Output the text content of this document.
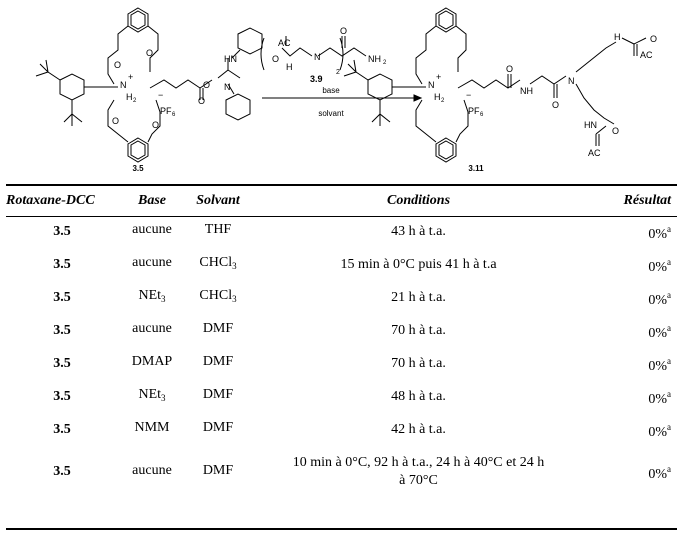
O
O
HN
N
N
H 2
+
−
PF 6
O
O
O	O
AC
O
H
N
O
NH 2
2
3.9
base
solvant
N
H 2
+
−
PF 6
O
NH
O
N
H
AC
O
HN
O
AC
3.5	3.11
Rotaxane-DCC	Base	Solvant	Conditions	Résultat
3.5	aucune	THF	43 h à t.a.	0%$^a$
3.5	aucune	CHCl$_3$	15 min à 0°C puis 41 h à t.a	0%$^a$
3.5	NEt$_3$	CHCl$_3$	21 h à t.a.	0%$^a$
3.5	aucune	DMF	70 h à t.a.	0%$^a$
3.5	DMAP	DMF	70 h à t.a.	0%$^a$
3.5	NEt$_3$	DMF	48 h à t.a.	0%$^a$
3.5	NMM	DMF	42 h à t.a.	0%$^a$
3.5	aucune	DMF	10 min à 0°C, 92 h à t.a., 24 h à 40°C et 24 h à 70°C	0%$^a$
